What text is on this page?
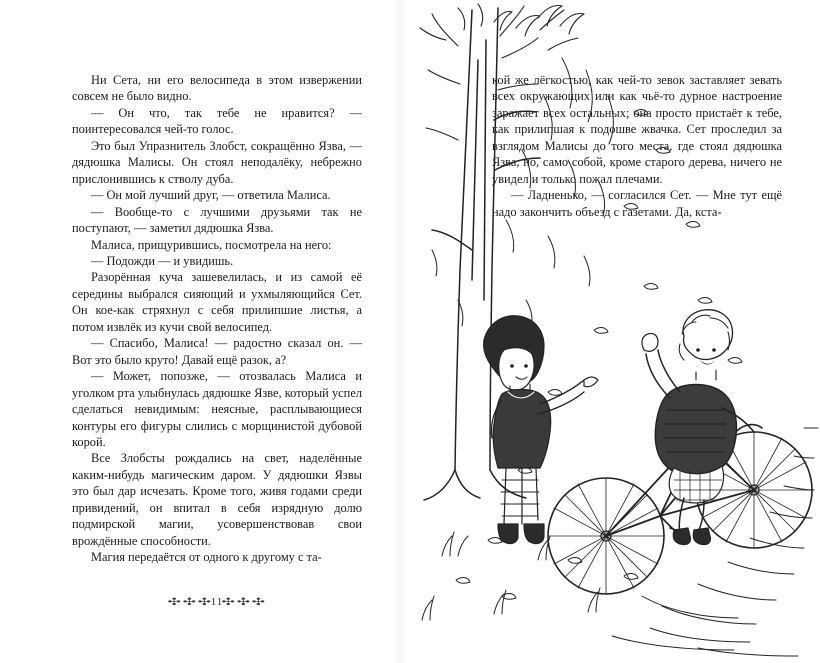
Ни Сета, ни его велосипеда в этом извержении совсем не было видно.

— Он что, так тебе не нравится? — поинтересовался чей-то голос.

Это был Упразнитель Злобст, сокращённо Язва, — дядюшка Малисы. Он стоял неподалёку, небрежно прислонившись к стволу дуба.

— Он мой лучший друг, — ответила Малиса.

— Вообще-то с лучшими друзьями так не поступают, — заметил дядюшка Язва.

Малиса, прищурившись, посмотрела на него:

— Подожди — и увидишь.

Разорённая куча зашевелилась, и из самой её середины выбрался сияющий и ухмыляющийся Сет. Он кое-как стряхнул с себя прилипшие листья, а потом извлёк из кучи свой велосипед.

— Спасибо, Малиса! — радостно сказал он. — Вот это было круто! Давай ещё разок, а?

— Может, попозже, — отозвалась Малиса и уголком рта улыбнулась дядюшке Язве, который успел сделаться невидимым: неясные, расплывающиеся контуры его фигуры слились с морщинистой дубовой корой.

Все Злобсты рождались на свет, наделённые каким-нибудь магическим даром. У дядюшки Язвы это был дар исчезать. Кроме того, живя годами среди привидений, он впитал в себя изрядную долю подмирской магии, усовершенствовав свои врождённые способности.

Магия передаётся от одного к другому с та-

✣✣✣11✣✣✣

кой же лёгкостью, как чей-то зевок заставляет зевать всех окружающих или как чьё-то дурное настроение заражает всех остальных; она просто пристаёт к тебе, как прилипшая к подошве жвачка. Сет проследил за взглядом Малисы до того места, где стоял дядюшка Язва, но, само собой, кроме старого дерева, ничего не увидел и только пожал плечами.

— Ладненько, — согласился Сет. — Мне тут ещё надо закончить объезд с газетами. Да, кста-
